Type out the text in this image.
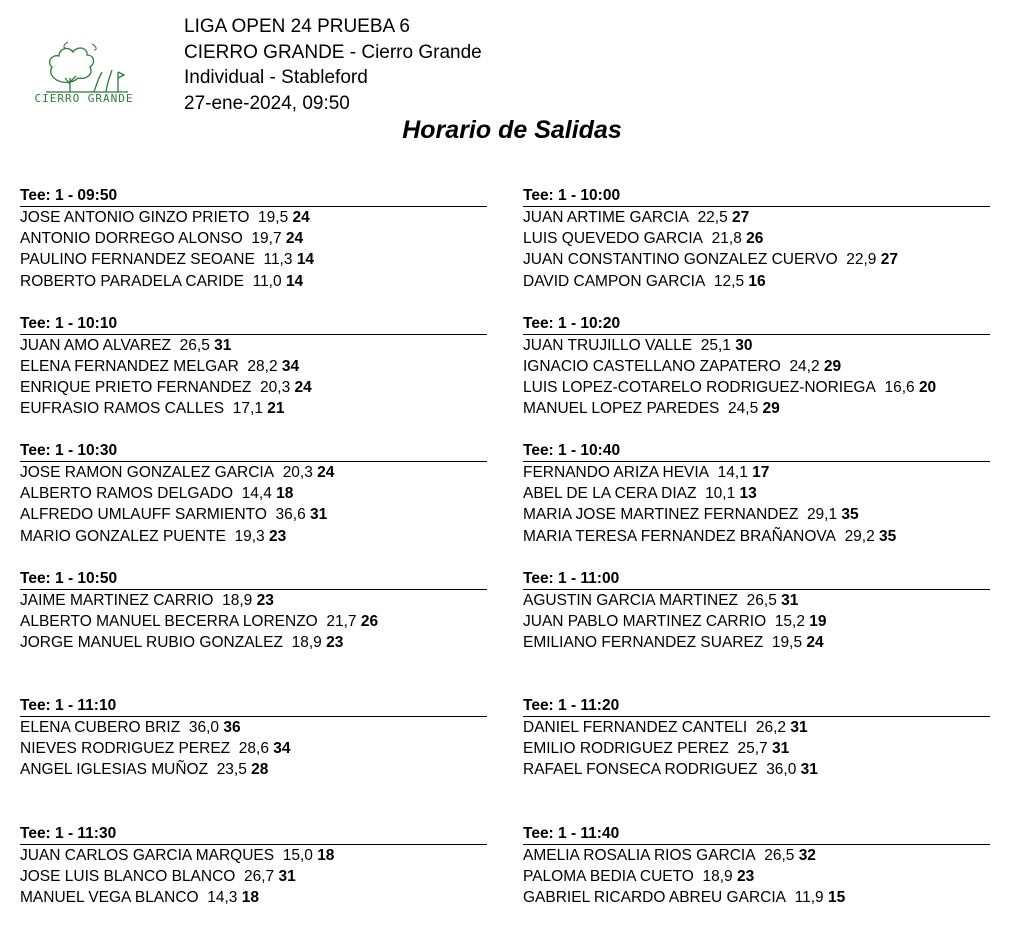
CIERRO GRANDE
LIGA OPEN 24 PRUEBA 6
CIERRO GRANDE - Cierro Grande
Individual - Stableford
27-ene-2024, 09:50
Horario de Salidas
Tee: 1 - 09:50
JOSE ANTONIO GINZO PRIETO 19,5 24
ANTONIO DORREGO ALONSO 19,7 24
PAULINO FERNANDEZ SEOANE 11,3 14
ROBERTO PARADELA CARIDE 11,0 14
Tee: 1 - 10:10
JUAN AMO ALVAREZ 26,5 31
ELENA FERNANDEZ MELGAR 28,2 34
ENRIQUE PRIETO FERNANDEZ 20,3 24
EUFRASIO RAMOS CALLES 17,1 21
Tee: 1 - 10:30
JOSE RAMON GONZALEZ GARCIA 20,3 24
ALBERTO RAMOS DELGADO 14,4 18
ALFREDO UMLAUFF SARMIENTO 36,6 31
MARIO GONZALEZ PUENTE 19,3 23
Tee: 1 - 10:50
JAIME MARTINEZ CARRIO 18,9 23
ALBERTO MANUEL BECERRA LORENZO 21,7 26
JORGE MANUEL RUBIO GONZALEZ 18,9 23
Tee: 1 - 11:10
ELENA CUBERO BRIZ 36,0 36
NIEVES RODRIGUEZ PEREZ 28,6 34
ANGEL IGLESIAS MUÑOZ 23,5 28
Tee: 1 - 11:30
JUAN CARLOS GARCIA MARQUES 15,0 18
JOSE LUIS BLANCO BLANCO 26,7 31
MANUEL VEGA BLANCO 14,3 18
Tee: 1 - 10:00
JUAN ARTIME GARCIA 22,5 27
LUIS QUEVEDO GARCIA 21,8 26
JUAN CONSTANTINO GONZALEZ CUERVO 22,9 27
DAVID CAMPON GARCIA 12,5 16
Tee: 1 - 10:20
JUAN TRUJILLO VALLE 25,1 30
IGNACIO CASTELLANO ZAPATERO 24,2 29
LUIS LOPEZ-COTARELO RODRIGUEZ-NORIEGA 16,6 20
MANUEL LOPEZ PAREDES 24,5 29
Tee: 1 - 10:40
FERNANDO ARIZA HEVIA 14,1 17
ABEL DE LA CERA DIAZ 10,1 13
MARIA JOSE MARTINEZ FERNANDEZ 29,1 35
MARIA TERESA FERNANDEZ BRAÑANOVA 29,2 35
Tee: 1 - 11:00
AGUSTIN GARCIA MARTINEZ 26,5 31
JUAN PABLO MARTINEZ CARRIO 15,2 19
EMILIANO FERNANDEZ SUAREZ 19,5 24
Tee: 1 - 11:20
DANIEL FERNANDEZ CANTELI 26,2 31
EMILIO RODRIGUEZ PEREZ 25,7 31
RAFAEL FONSECA RODRIGUEZ 36,0 31
Tee: 1 - 11:40
AMELIA ROSALIA RIOS GARCIA 26,5 32
PALOMA BEDIA CUETO 18,9 23
GABRIEL RICARDO ABREU GARCIA 11,9 15
